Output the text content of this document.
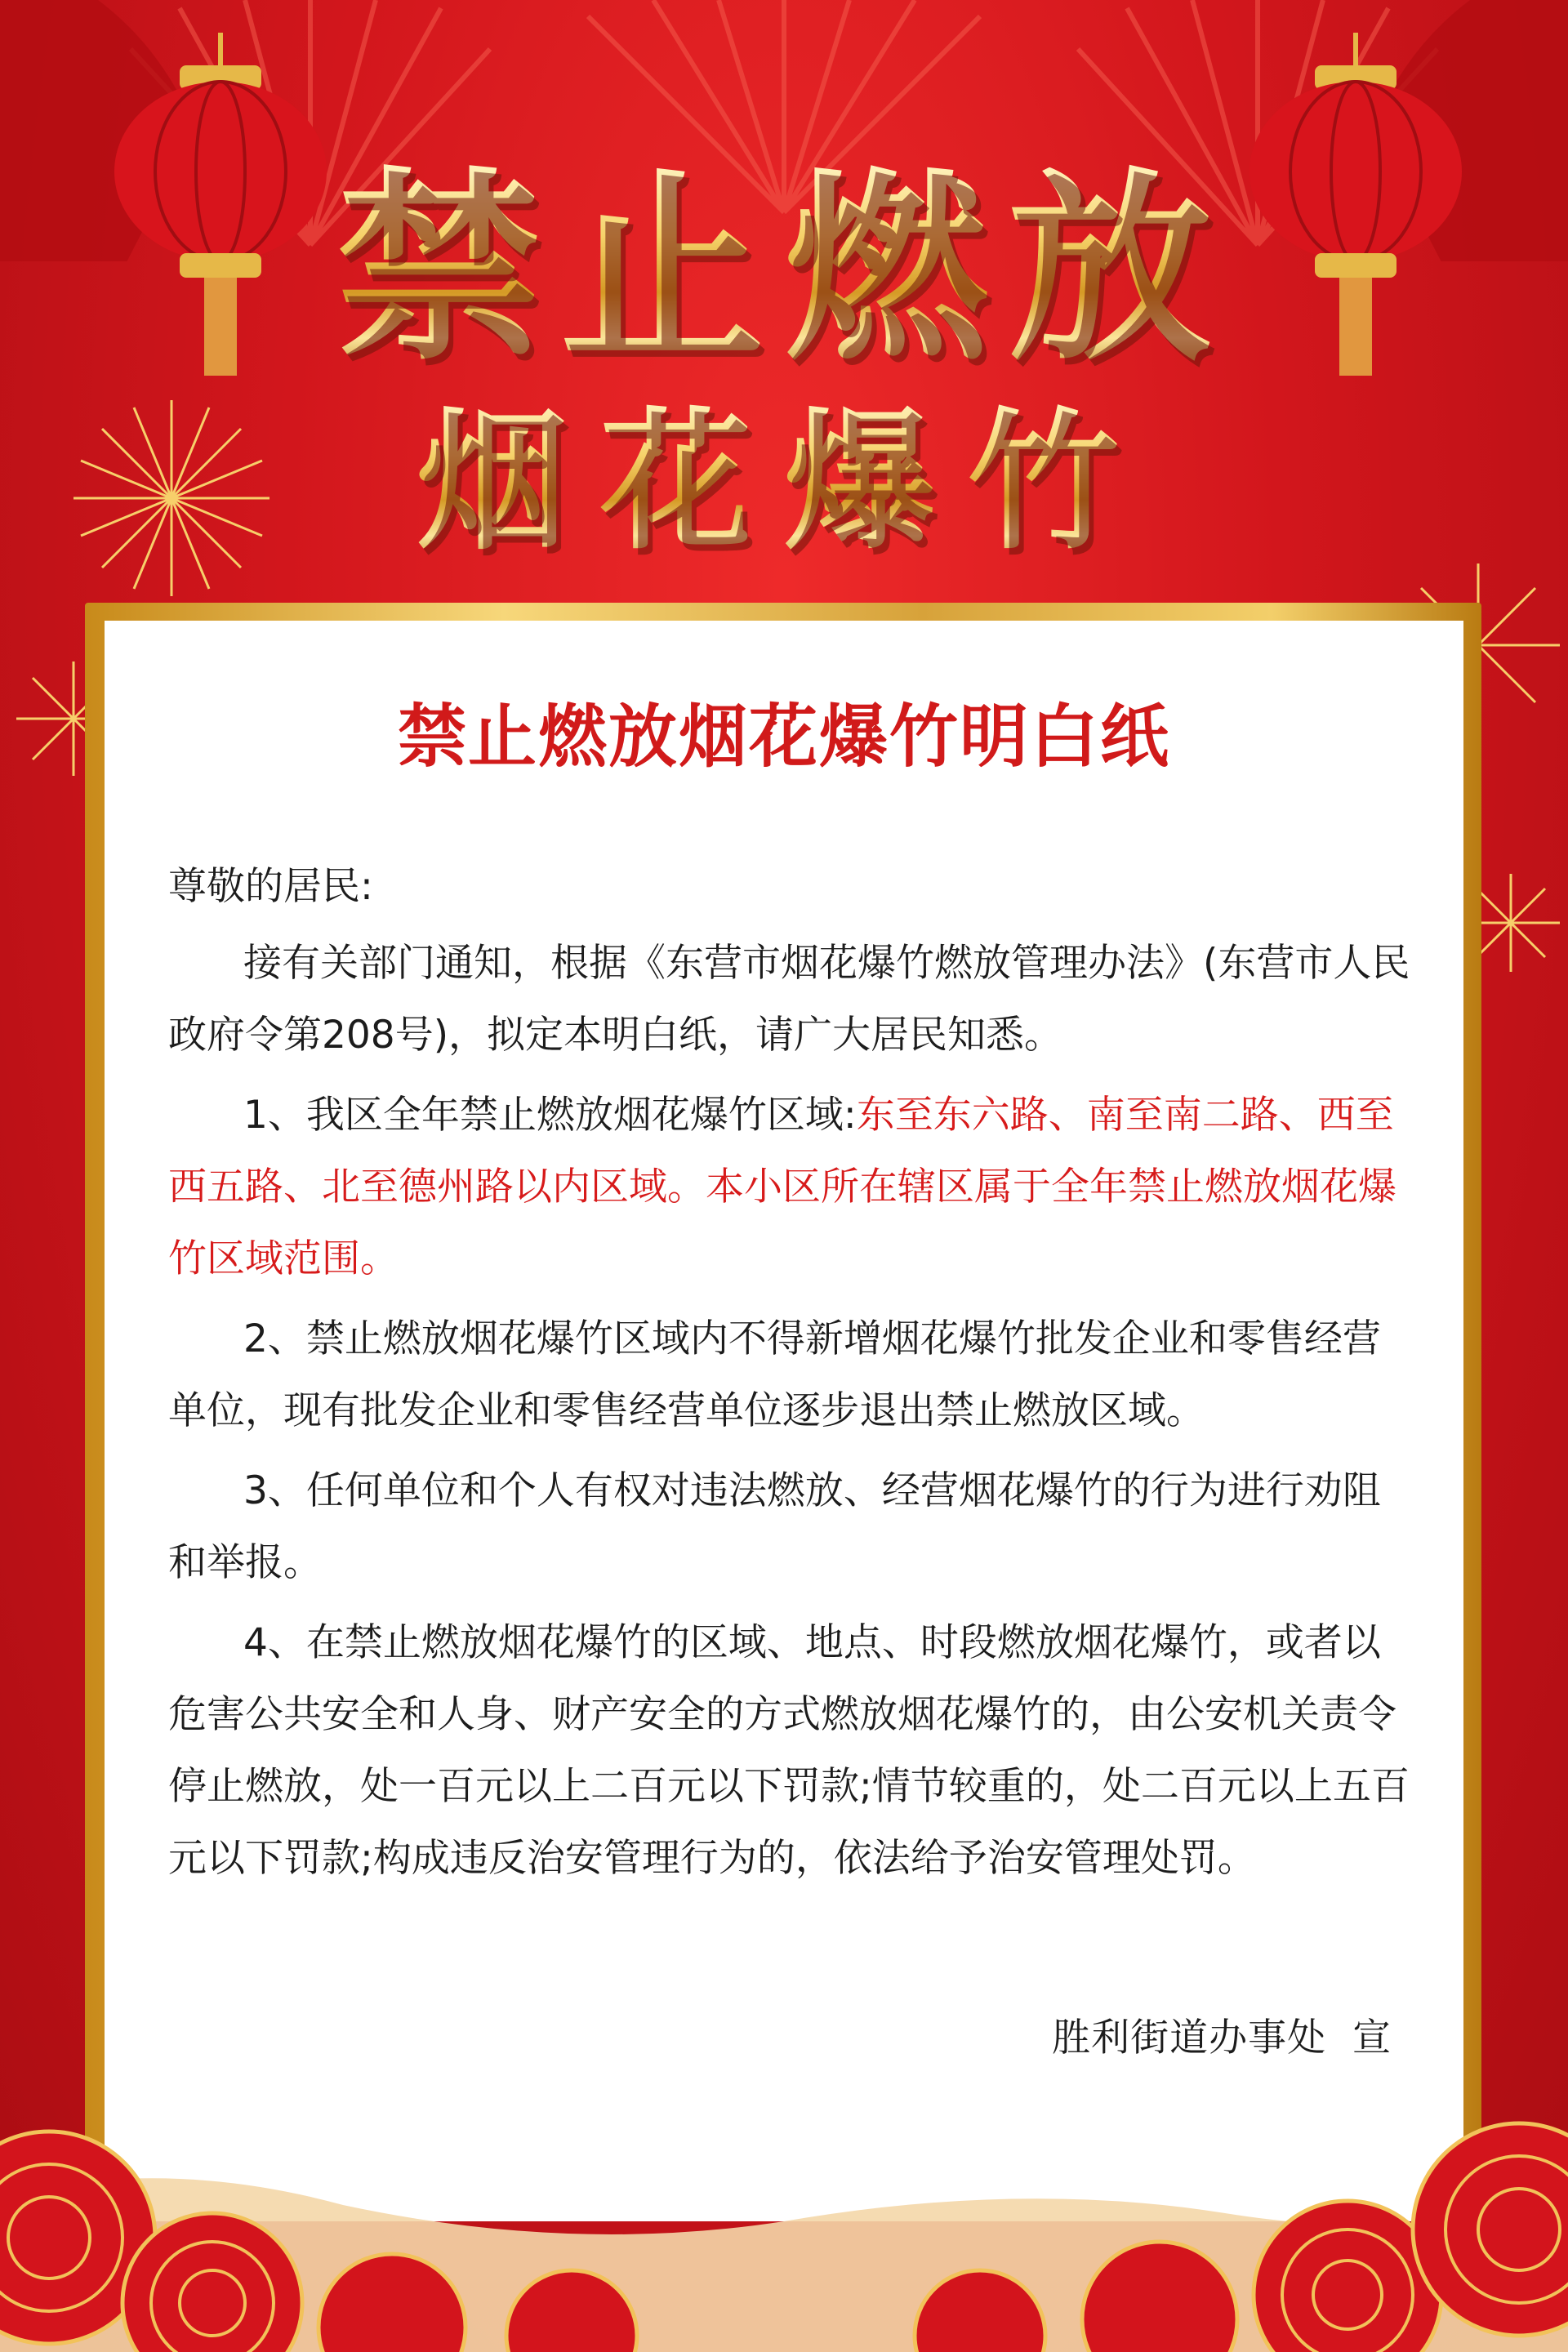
禁止燃放
烟花爆竹
禁止燃放烟花爆竹明白纸

尊敬的居民:

接有关部门通知，根据《东营市烟花爆竹燃放管理办法》(东营市人民政府令第208号)，拟定本明白纸，请广大居民知悉。

1、我区全年禁止燃放烟花爆竹区域:东至东六路、南至南二路、西至西五路、北至德州路以内区域。本小区所在辖区属于全年禁止燃放烟花爆竹区域范围。

2、禁止燃放烟花爆竹区域内不得新增烟花爆竹批发企业和零售经营单位，现有批发企业和零售经营单位逐步退出禁止燃放区域。

3、任何单位和个人有权对违法燃放、经营烟花爆竹的行为进行劝阻和举报。

4、在禁止燃放烟花爆竹的区域、地点、时段燃放烟花爆竹，或者以危害公共安全和人身、财产安全的方式燃放烟花爆竹的，由公安机关责令停止燃放，处一百元以上二百元以下罚款;情节较重的，处二百元以上五百元以下罚款;构成违反治安管理行为的，依法给予治安管理处罚。

胜利街道办事处  宣
